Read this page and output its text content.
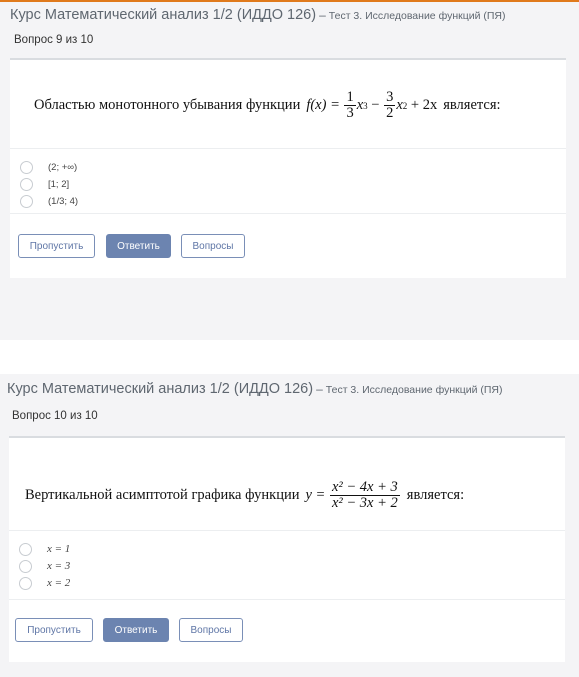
Курс Математический анализ 1/2 (ИДДО 126) – Тест 3. Исследование функций (ПЯ)
Вопрос 9 из 10
Областью монотонного убывания функции f(x) =
$\frac{1}{3}$ x 3
−
$\frac{3}{2}$ x 2
+ 2x является:
(2; +∞)
[1; 2]
(1/3; 4)
Пропустить	Ответить	Вопросы
Курс Математический анализ 1/2 (ИДДО 126) – Тест 3. Исследование функций (ПЯ)
Вопрос 10 из 10
Вертикальной асимптотой графика функции y =
$\frac{\text{x² − 4x + 3}}{\text{x² − 3x + 2}}$ является:
x = 1
x = 3
x = 2
Пропустить	Ответить	Вопросы
